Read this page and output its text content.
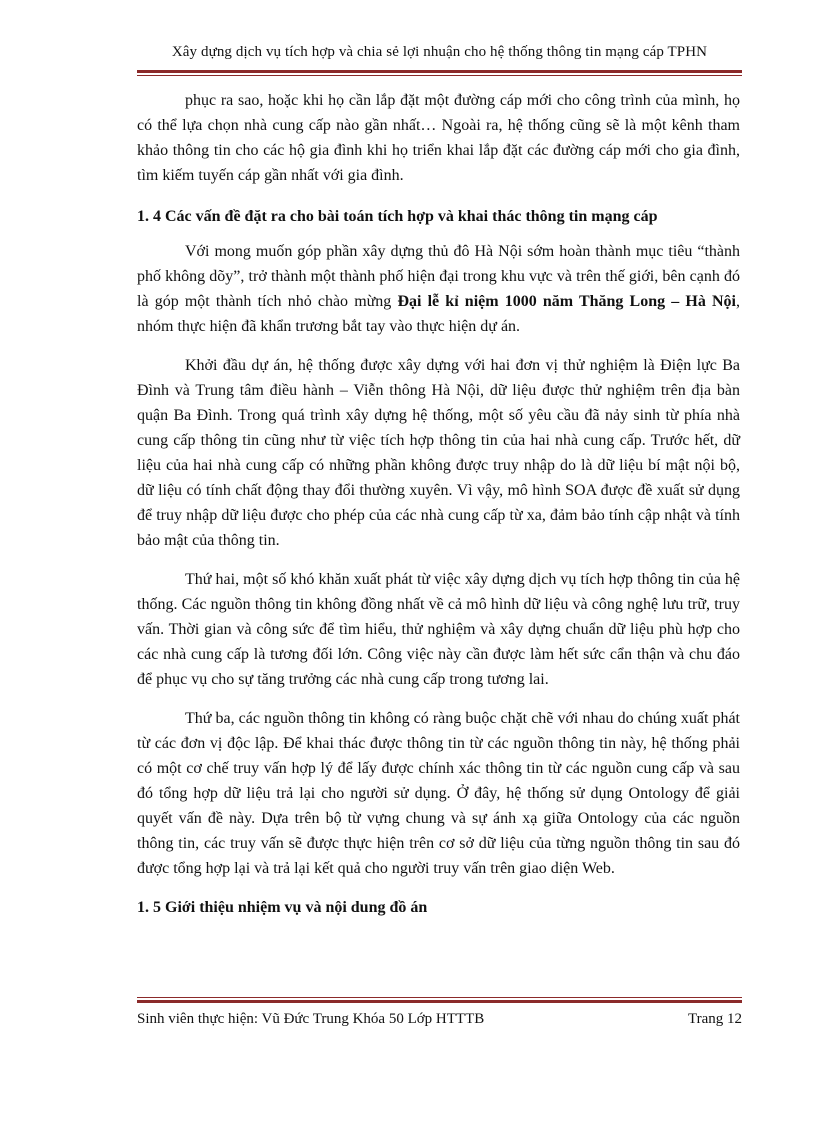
Xây dựng dịch vụ tích hợp và chia sẻ lợi nhuận cho hệ thống thông tin mạng cáp TPHN

phục ra sao, hoặc khi họ cần lắp đặt một đường cáp mới cho công trình của mình, họ có thể lựa chọn nhà cung cấp nào gần nhất… Ngoài ra, hệ thống cũng sẽ là một kênh tham khảo thông tin cho các hộ gia đình khi họ triển khai lắp đặt các đường cáp mới cho gia đình, tìm kiếm tuyến cáp gần nhất với gia đình.

1. 4 Các vấn đề đặt ra cho bài toán tích hợp và khai thác thông tin mạng cáp

Với mong muốn góp phần xây dựng thủ đô Hà Nội sớm hoàn thành mục tiêu “thành phố không dõy”, trở thành một thành phố hiện đại trong khu vực và trên thế giới, bên cạnh đó là góp một thành tích nhỏ chào mừng Đại lễ kỉ niệm 1000 năm Thăng Long – Hà Nội, nhóm thực hiện đã khẩn trương bắt tay vào thực hiện dự án.

Khởi đầu dự án, hệ thống được xây dựng với hai đơn vị thử nghiệm là Điện lực Ba Đình và Trung tâm điều hành – Viễn thông Hà Nội, dữ liệu được thử nghiệm trên địa bàn quận Ba Đình. Trong quá trình xây dựng hệ thống, một số yêu cầu đã nảy sinh từ phía nhà cung cấp thông tin cũng như từ việc tích hợp thông tin của hai nhà cung cấp. Trước hết, dữ liệu của hai nhà cung cấp có những phần không được truy nhập do là dữ liệu bí mật nội bộ, dữ liệu có tính chất động thay đổi thường xuyên. Vì vậy, mô hình SOA được đề xuất sử dụng để truy nhập dữ liệu được cho phép của các nhà cung cấp từ xa, đảm bảo tính cập nhật và tính bảo mật của thông tin.

Thứ hai, một số khó khăn xuất phát từ việc xây dựng dịch vụ tích hợp thông tin của hệ thống. Các nguồn thông tin không đồng nhất về cả mô hình dữ liệu và công nghệ lưu trữ, truy vấn. Thời gian và công sức để tìm hiểu, thử nghiệm và xây dựng chuẩn dữ liệu phù hợp cho các nhà cung cấp là tương đối lớn. Công việc này cần được làm hết sức cẩn thận và chu đáo để phục vụ cho sự tăng trưởng các nhà cung cấp trong tương lai.

Thứ ba, các nguồn thông tin không có ràng buộc chặt chẽ với nhau do chúng xuất phát từ các đơn vị độc lập. Để khai thác được thông tin từ các nguồn thông tin này, hệ thống phải có một cơ chế truy vấn hợp lý để lấy được chính xác thông tin từ các nguồn cung cấp và sau đó tổng hợp dữ liệu trả lại cho người sử dụng. Ở đây, hệ thống sử dụng Ontology để giải quyết vấn đề này. Dựa trên bộ từ vựng chung và sự ánh xạ giữa Ontology của các nguồn thông tin, các truy vấn sẽ được thực hiện trên cơ sở dữ liệu của từng nguồn thông tin sau đó được tổng hợp lại và trả lại kết quả cho người truy vấn trên giao diện Web.

1. 5 Giới thiệu nhiệm vụ và nội dung đồ án

Sinh viên thực hiện: Vũ Đức Trung Khóa 50 Lớp HTTTB	Trang 12
